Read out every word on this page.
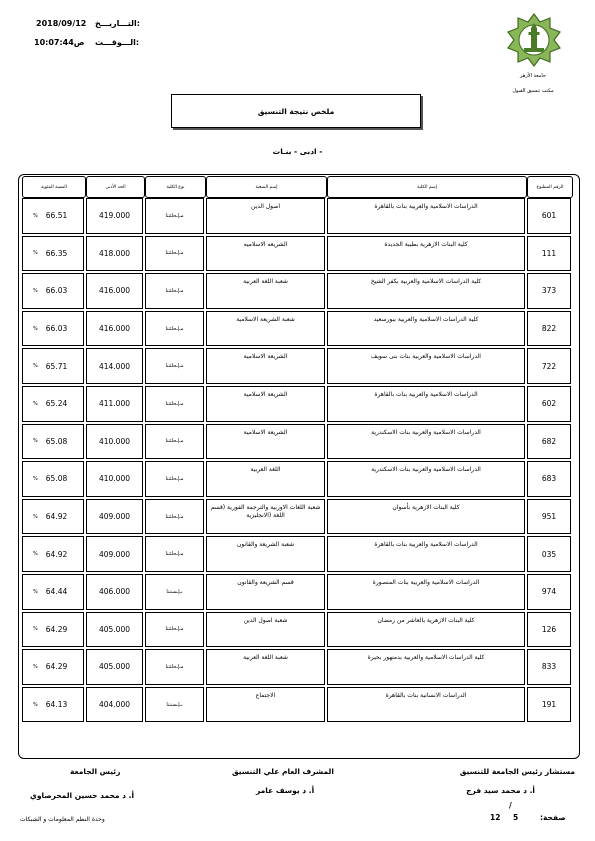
2018/09/12 التـــاريـــخ:
ص10:07:44 الـــوقـــت:
جامعة الأزهر
مكتب تنسيق القبول
ملخص نتيجة التنسيق
- ادبى - بنـات
الرقم المطبوع
إسم الكلية
إسم الشعبة
نوع الكلية
الحد الأدنى
النسبة المئوية
601
الدراسات الاسلامية والعربية بنات بالقاهرة
اصول الدين
مـإـحلئتنا
419.000
% 66.51
111
كلية البنات الازهرية بطيبة الجديدة
الشريعه الاسلاميه
مـإـحلئتنا
418.000
% 66.35
373
كلية الدراسات الاسلامية والعربية بكفر الشيخ
شعبة اللغة العربية
مـإـحلئتنا
416.000
% 66.03
822
كلية الدراسات الاسلامية والعربية ببورسعيد
شعبة الشريعة الاسلامية
مـإـحلئتنا
416.000
% 66.03
722
الدراسات الاسلامية والعربية بنات بنى سويف
الشريعة الاسلامية
مـإـحلئتنا
414.000
% 65.71
602
الدراسات الاسلامية والعربية بنات بالقاهرة
الشريعة الاسلامية
مـإـحلئتنا
411.000
% 65.24
682
الدراسات الاسلامية والعربية بنات الاسكندرية
الشريعة الاسلامية
مـإـحلئتنا
410.000
% 65.08
683
الدراسات الاسلامية والعربية بنات الاسكندرية
اللغة العربية
مـإـحلئتنا
410.000
% 65.08
951
كلية البنات الازهرية بأسوان
شعبة اللغات الاوربية والترجمة الفورية (قسم اللغة (الانجليزية
مـإـحلئتنا
409.000
% 64.92
035
الدراسات الاسلامية والعربية بنات بالقاهرة
شعبة الشريعة والقانون
مـإـحلئتنا
409.000
% 64.92
974
الدراسات الاسلامية والعربية بنات المنصورة
قسم الشريعة والقانون
ىـإـسنتنا
406.000
% 64.44
126
كلية البنات الازهرية بالعاشر من رمضان
شعبة اصول الدين
مـإـحلئتنا
405.000
% 64.29
833
كلية الدراسات الاسلامية والعربية بدمنهور بحيرة
شعبة اللغة العربية
مـإـحلئتنا
405.000
% 64.29
191
الدراسات الانسانية بنات بالقاهرة
الاجتماع
ىـإـسنتنا
404.000
% 64.13
مستشار رئيس الجامعة للتنسيق
أ. د محمد سيد فرج
المشرف العام علي التنسيق
أ. د يوسف عامر
رئيس الجامعة
أ. د محمد حسين المحرصاوي
صفحة:
5
/
12
وحدة النظم المعلومات و الشبكات
